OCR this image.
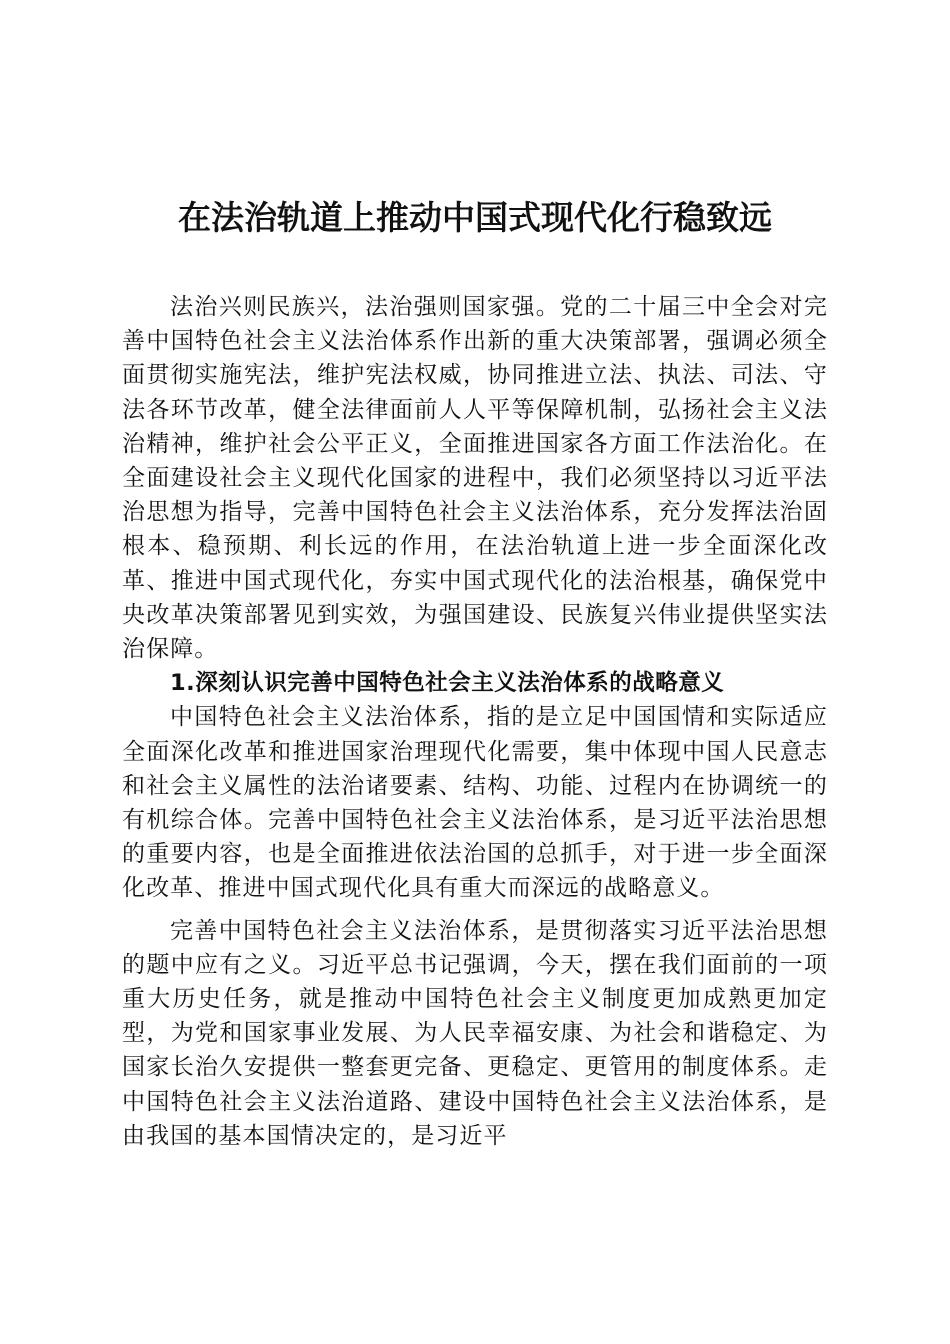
在法治轨道上推动中国式现代化行稳致远

法治兴则民族兴，法治强则国家强。党的二十届三中全会对完善中国特色社会主义法治体系作出新的重大决策部署，强调必须全面贯彻实施宪法，维护宪法权威，协同推进立法、执法、司法、守法各环节改革，健全法律面前人人平等保障机制，弘扬社会主义法治精神，维护社会公平正义，全面推进国家各方面工作法治化。在全面建设社会主义现代化国家的进程中，我们必须坚持以习近平法治思想为指导，完善中国特色社会主义法治体系，充分发挥法治固根本、稳预期、利长远的作用，在法治轨道上进一步全面深化改革、推进中国式现代化，夯实中国式现代化的法治根基，确保党中央改革决策部署见到实效，为强国建设、民族复兴伟业提供坚实法治保障。

1.深刻认识完善中国特色社会主义法治体系的战略意义

中国特色社会主义法治体系，指的是立足中国国情和实际适应全面深化改革和推进国家治理现代化需要，集中体现中国人民意志和社会主义属性的法治诸要素、结构、功能、过程内在协调统一的有机综合体。完善中国特色社会主义法治体系，是习近平法治思想的重要内容，也是全面推进依法治国的总抓手，对于进一步全面深化改革、推进中国式现代化具有重大而深远的战略意义。

完善中国特色社会主义法治体系，是贯彻落实习近平法治思想的题中应有之义。习近平总书记强调，今天，摆在我们面前的一项重大历史任务，就是推动中国特色社会主义制度更加成熟更加定型，为党和国家事业发展、为人民幸福安康、为社会和谐稳定、为国家长治久安提供一整套更完备、更稳定、更管用的制度体系。走中国特色社会主义法治道路、建设中国特色社会主义法治体系，是由我国的基本国情决定的，是习近平
